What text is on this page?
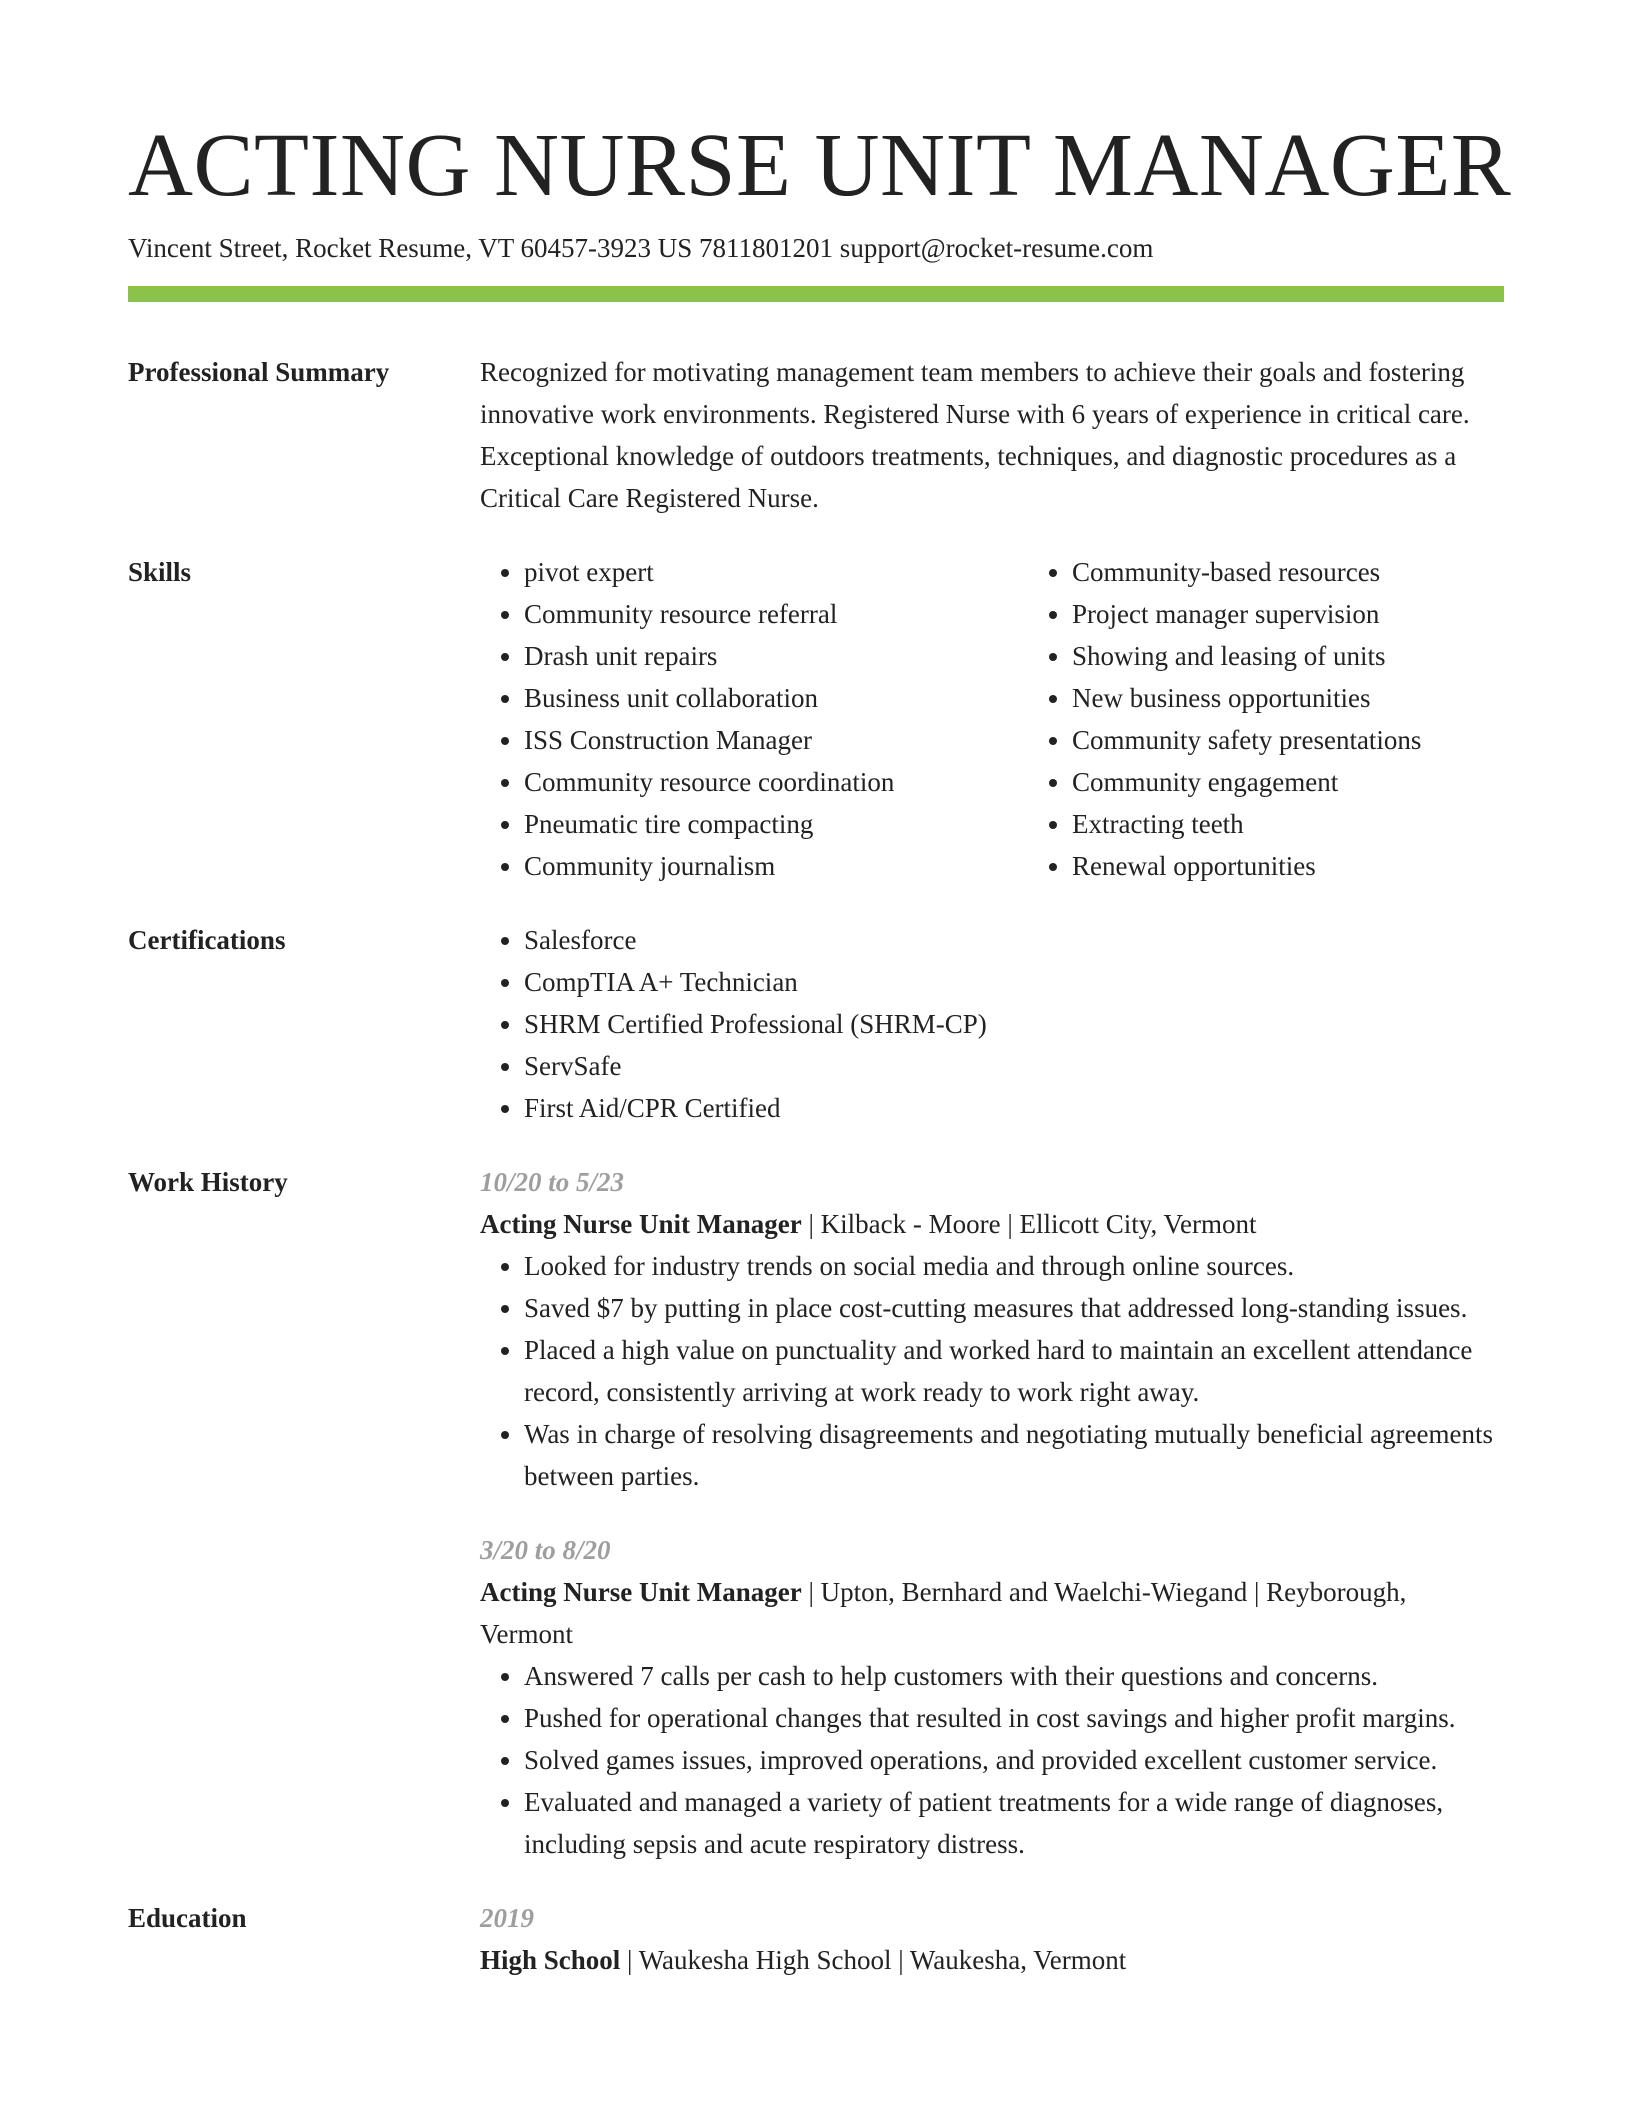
ACTING NURSE UNIT MANAGER
Vincent Street, Rocket Resume, VT 60457-3923 US 7811801201 support@rocket-resume.com
Professional Summary	Recognized for motivating management team members to achieve their goals and fostering innovative work environments. Registered Nurse with 6 years of experience in critical care. Exceptional knowledge of outdoors treatments, techniques, and diagnostic procedures as a Critical Care Registered Nurse.
Skills	• pivot expert
• Community resource referral
• Drash unit repairs
• Business unit collaboration
• ISS Construction Manager
• Community resource coordination
• Pneumatic tire compacting
• Community journalism
• Community-based resources
• Project manager supervision
• Showing and leasing of units
• New business opportunities
• Community safety presentations
• Community engagement
• Extracting teeth
• Renewal opportunities
Certifications	• Salesforce
• CompTIA A+ Technician
• SHRM Certified Professional (SHRM-CP)
• ServSafe
• First Aid/CPR Certified
Work History	10/20 to 5/23
Acting Nurse Unit Manager | Kilback - Moore | Ellicott City, Vermont
• Looked for industry trends on social media and through online sources.
• Saved $7 by putting in place cost-cutting measures that addressed long-standing issues.
• Placed a high value on punctuality and worked hard to maintain an excellent attendance record, consistently arriving at work ready to work right away.
• Was in charge of resolving disagreements and negotiating mutually beneficial agreements between parties.
3/20 to 8/20
Acting Nurse Unit Manager | Upton, Bernhard and Waelchi-Wiegand | Reyborough, Vermont
• Answered 7 calls per cash to help customers with their questions and concerns.
• Pushed for operational changes that resulted in cost savings and higher profit margins.
• Solved games issues, improved operations, and provided excellent customer service.
• Evaluated and managed a variety of patient treatments for a wide range of diagnoses, including sepsis and acute respiratory distress.
Education	2019
High School | Waukesha High School | Waukesha, Vermont
